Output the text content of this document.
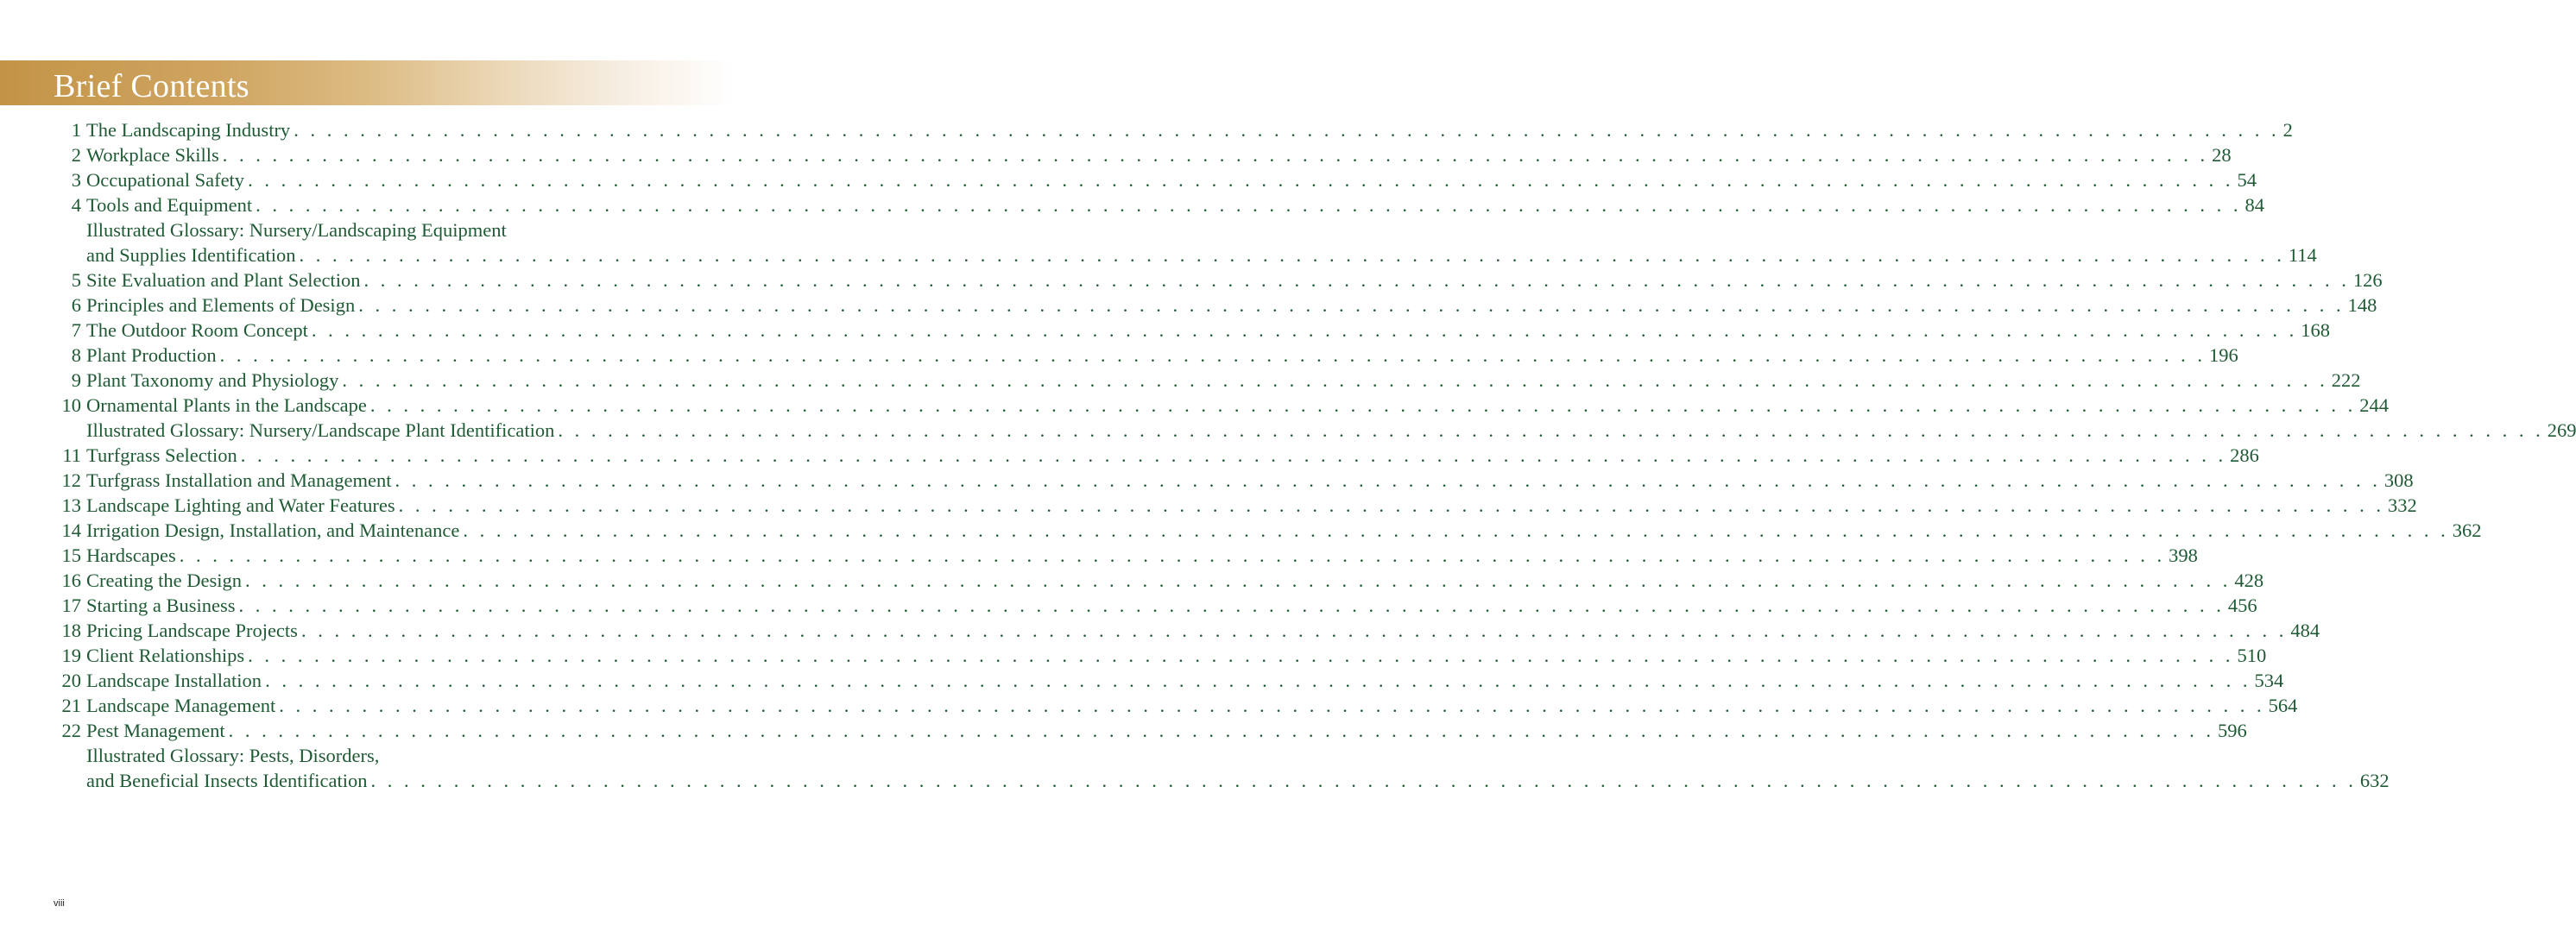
Brief Contents
1 The Landscaping Industry . . . . . . . . . . . . . . . . . . . . . . . . . . . . . . . . . . . . . . . . . . . . . . . . . . . . . . . . . . . . . . . . . . . . . . . . . . . . . . . . . . . . . . . . . . . . . . . . . . . . . . . . . . . . . . . . . . . . . . . . 2
2 Workplace Skills . . . . . . . . . . . . . . . . . . . . . . . . . . . . . . . . . . . . . . . . . . . . . . . . . . . . . . . . . . . . . . . . . . . . . . . . . . . . . . . . . . . . . . . . . . . . . . . . . . . . . . . . . . . . . . . . . . . . . . . . 28
3 Occupational Safety . . . . . . . . . . . . . . . . . . . . . . . . . . . . . . . . . . . . . . . . . . . . . . . . . . . . . . . . . . . . . . . . . . . . . . . . . . . . . . . . . . . . . . . . . . . . . . . . . . . . . . . . . . . . . . . . . . . . . . . . 54
4 Tools and Equipment . . . . . . . . . . . . . . . . . . . . . . . . . . . . . . . . . . . . . . . . . . . . . . . . . . . . . . . . . . . . . . . . . . . . . . . . . . . . . . . . . . . . . . . . . . . . . . . . . . . . . . . . . . . . . . . . . . . . . . . . 84
Illustrated Glossary: Nursery/Landscaping Equipment
and Supplies Identification . . . . . . . . . . . . . . . . . . . . . . . . . . . . . . . . . . . . . . . . . . . . . . . . . . . . . . . . . . . . . . . . . . . . . . . . . . . . . . . . . . . . . . . . . . . . . . . . . . . . . . . . . . . . . . . . . . . . . . . . 114
5 Site Evaluation and Plant Selection . . . . . . . . . . . . . . . . . . . . . . . . . . . . . . . . . . . . . . . . . . . . . . . . . . . . . . . . . . . . . . . . . . . . . . . . . . . . . . . . . . . . . . . . . . . . . . . . . . . . . . . . . . . . . . . . . . . . . . . . 126
6 Principles and Elements of Design . . . . . . . . . . . . . . . . . . . . . . . . . . . . . . . . . . . . . . . . . . . . . . . . . . . . . . . . . . . . . . . . . . . . . . . . . . . . . . . . . . . . . . . . . . . . . . . . . . . . . . . . . . . . . . . . . . . . . . . . 148
7 The Outdoor Room Concept . . . . . . . . . . . . . . . . . . . . . . . . . . . . . . . . . . . . . . . . . . . . . . . . . . . . . . . . . . . . . . . . . . . . . . . . . . . . . . . . . . . . . . . . . . . . . . . . . . . . . . . . . . . . . . . . . . . . . . . . 168
8 Plant Production . . . . . . . . . . . . . . . . . . . . . . . . . . . . . . . . . . . . . . . . . . . . . . . . . . . . . . . . . . . . . . . . . . . . . . . . . . . . . . . . . . . . . . . . . . . . . . . . . . . . . . . . . . . . . . . . . . . . . . . . 196
9 Plant Taxonomy and Physiology . . . . . . . . . . . . . . . . . . . . . . . . . . . . . . . . . . . . . . . . . . . . . . . . . . . . . . . . . . . . . . . . . . . . . . . . . . . . . . . . . . . . . . . . . . . . . . . . . . . . . . . . . . . . . . . . . . . . . . . . 222
10 Ornamental Plants in the Landscape . . . . . . . . . . . . . . . . . . . . . . . . . . . . . . . . . . . . . . . . . . . . . . . . . . . . . . . . . . . . . . . . . . . . . . . . . . . . . . . . . . . . . . . . . . . . . . . . . . . . . . . . . . . . . . . . . . . . . . . . 244
Illustrated Glossary: Nursery/Landscape Plant Identification . . . . . . . . . . . . . . . . . . . . . . . . . . . . . . . . . . . . . . . . . . . . . . . . . . . . . . . . . . . . . . . . . . . . . . . . . . . . . . . . . . . . . . . . . . . . . . . . . . . . . . . . . . . . . . . . . . . . . . . . 269
11 Turfgrass Selection . . . . . . . . . . . . . . . . . . . . . . . . . . . . . . . . . . . . . . . . . . . . . . . . . . . . . . . . . . . . . . . . . . . . . . . . . . . . . . . . . . . . . . . . . . . . . . . . . . . . . . . . . . . . . . . . . . . . . . . . 286
12 Turfgrass Installation and Management . . . . . . . . . . . . . . . . . . . . . . . . . . . . . . . . . . . . . . . . . . . . . . . . . . . . . . . . . . . . . . . . . . . . . . . . . . . . . . . . . . . . . . . . . . . . . . . . . . . . . . . . . . . . . . . . . . . . . . . . 308
13 Landscape Lighting and Water Features . . . . . . . . . . . . . . . . . . . . . . . . . . . . . . . . . . . . . . . . . . . . . . . . . . . . . . . . . . . . . . . . . . . . . . . . . . . . . . . . . . . . . . . . . . . . . . . . . . . . . . . . . . . . . . . . . . . . . . . . 332
14 Irrigation Design, Installation, and Maintenance . . . . . . . . . . . . . . . . . . . . . . . . . . . . . . . . . . . . . . . . . . . . . . . . . . . . . . . . . . . . . . . . . . . . . . . . . . . . . . . . . . . . . . . . . . . . . . . . . . . . . . . . . . . . . . . . . . . . . . . . 362
15 Hardscapes . . . . . . . . . . . . . . . . . . . . . . . . . . . . . . . . . . . . . . . . . . . . . . . . . . . . . . . . . . . . . . . . . . . . . . . . . . . . . . . . . . . . . . . . . . . . . . . . . . . . . . . . . . . . . . . . . . . . . . . . 398
16 Creating the Design . . . . . . . . . . . . . . . . . . . . . . . . . . . . . . . . . . . . . . . . . . . . . . . . . . . . . . . . . . . . . . . . . . . . . . . . . . . . . . . . . . . . . . . . . . . . . . . . . . . . . . . . . . . . . . . . . . . . . . . . 428
17 Starting a Business . . . . . . . . . . . . . . . . . . . . . . . . . . . . . . . . . . . . . . . . . . . . . . . . . . . . . . . . . . . . . . . . . . . . . . . . . . . . . . . . . . . . . . . . . . . . . . . . . . . . . . . . . . . . . . . . . . . . . . . . 456
18 Pricing Landscape Projects . . . . . . . . . . . . . . . . . . . . . . . . . . . . . . . . . . . . . . . . . . . . . . . . . . . . . . . . . . . . . . . . . . . . . . . . . . . . . . . . . . . . . . . . . . . . . . . . . . . . . . . . . . . . . . . . . . . . . . . . 484
19 Client Relationships . . . . . . . . . . . . . . . . . . . . . . . . . . . . . . . . . . . . . . . . . . . . . . . . . . . . . . . . . . . . . . . . . . . . . . . . . . . . . . . . . . . . . . . . . . . . . . . . . . . . . . . . . . . . . . . . . . . . . . . . 510
20 Landscape Installation . . . . . . . . . . . . . . . . . . . . . . . . . . . . . . . . . . . . . . . . . . . . . . . . . . . . . . . . . . . . . . . . . . . . . . . . . . . . . . . . . . . . . . . . . . . . . . . . . . . . . . . . . . . . . . . . . . . . . . . . 534
21 Landscape Management . . . . . . . . . . . . . . . . . . . . . . . . . . . . . . . . . . . . . . . . . . . . . . . . . . . . . . . . . . . . . . . . . . . . . . . . . . . . . . . . . . . . . . . . . . . . . . . . . . . . . . . . . . . . . . . . . . . . . . . . 564
22 Pest Management . . . . . . . . . . . . . . . . . . . . . . . . . . . . . . . . . . . . . . . . . . . . . . . . . . . . . . . . . . . . . . . . . . . . . . . . . . . . . . . . . . . . . . . . . . . . . . . . . . . . . . . . . . . . . . . . . . . . . . . . 596
Illustrated Glossary: Pests, Disorders,
and Beneficial Insects Identification . . . . . . . . . . . . . . . . . . . . . . . . . . . . . . . . . . . . . . . . . . . . . . . . . . . . . . . . . . . . . . . . . . . . . . . . . . . . . . . . . . . . . . . . . . . . . . . . . . . . . . . . . . . . . . . . . . . . . . . . 632
viii
